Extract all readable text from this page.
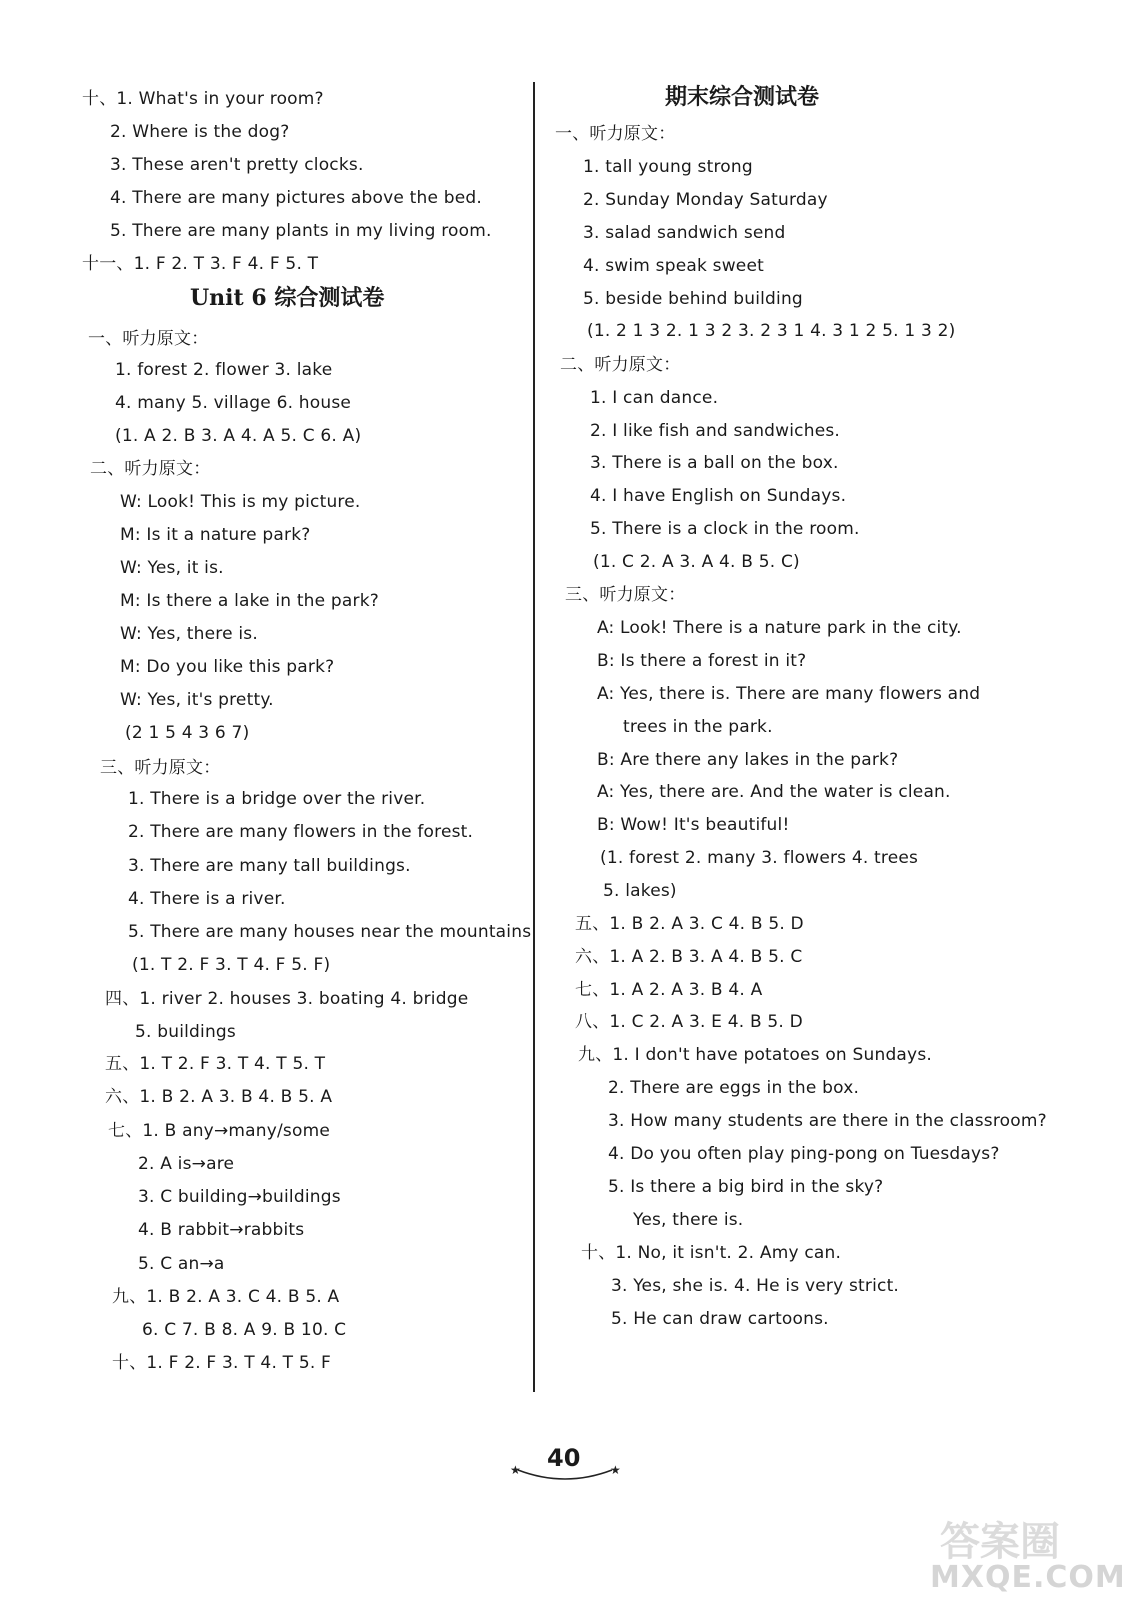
十、1. What's in your room?
2. Where is the dog?
3. These aren't pretty clocks.
4. There are many pictures above the bed.
5. There are many plants in my living room.
十一、1. F 2. T 3. F 4. F 5. T
Unit 6 综合测试卷
一、听力原文：
1. forest 2. flower 3. lake
4. many 5. village 6. house
(1. A 2. B 3. A 4. A 5. C 6. A)
二、听力原文：
W: Look! This is my picture.
M: Is it a nature park?
W: Yes, it is.
M: Is there a lake in the park?
W: Yes, there is.
M: Do you like this park?
W: Yes, it's pretty.
(2 1 5 4 3 6 7)
三、听力原文：
1. There is a bridge over the river.
2. There are many flowers in the forest.
3. There are many tall buildings.
4. There is a river.
5. There are many houses near the mountains.
(1. T 2. F 3. T 4. F 5. F)
四、1. river 2. houses 3. boating 4. bridge
5. buildings
五、1. T 2. F 3. T 4. T 5. T
六、1. B 2. A 3. B 4. B 5. A
七、1. B any→many/some
2. A is→are
3. C building→buildings
4. B rabbit→rabbits
5. C an→a
九、1. B 2. A 3. C 4. B 5. A
6. C 7. B 8. A 9. B 10. C
十、1. F 2. F 3. T 4. T 5. F
期末综合测试卷
一、听力原文：
1. tall young strong
2. Sunday Monday Saturday
3. salad sandwich send
4. swim speak sweet
5. beside behind building
(1. 2 1 3 2. 1 3 2 3. 2 3 1 4. 3 1 2 5. 1 3 2)
二、听力原文：
1. I can dance.
2. I like fish and sandwiches.
3. There is a ball on the box.
4. I have English on Sundays.
5. There is a clock in the room.
(1. C 2. A 3. A 4. B 5. C)
三、听力原文：
A: Look! There is a nature park in the city.
B: Is there a forest in it?
A: Yes, there is. There are many flowers and
trees in the park.
B: Are there any lakes in the park?
A: Yes, there are. And the water is clean.
B: Wow! It's beautiful!
(1. forest 2. many 3. flowers 4. trees
5. lakes)
五、1. B 2. A 3. C 4. B 5. D
六、1. A 2. B 3. A 4. B 5. C
七、1. A 2. A 3. B 4. A
八、1. C 2. A 3. E 4. B 5. D
九、1. I don't have potatoes on Sundays.
2. There are eggs in the box.
3. How many students are there in the classroom?
4. Do you often play ping-pong on Tuesdays?
5. Is there a big bird in the sky?
Yes, there is.
十、1. No, it isn't. 2. Amy can.
3. Yes, she is. 4. He is very strict.
5. He can draw cartoons.
40
★	★
答案圈
MXQE.COM
